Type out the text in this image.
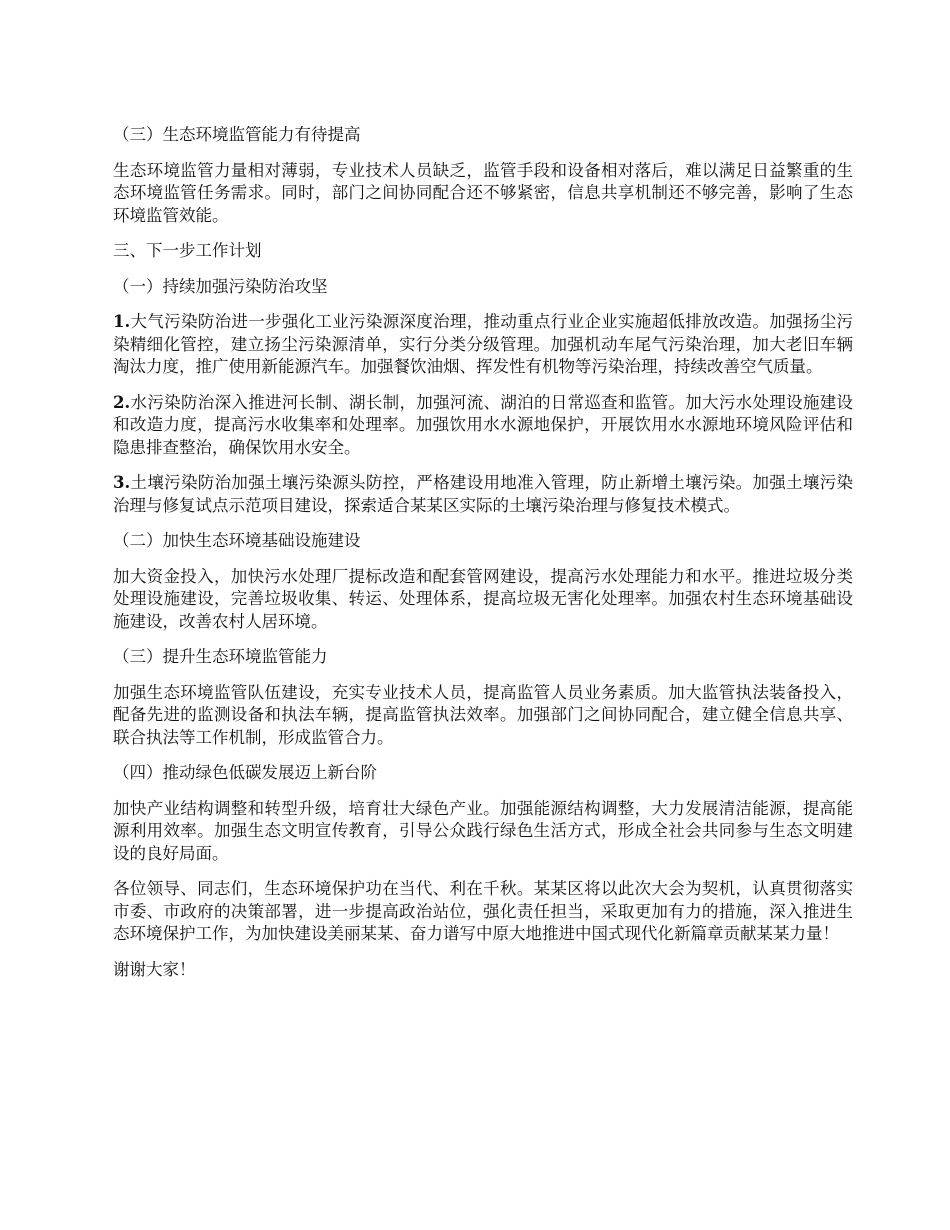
（三）生态环境监管能力有待提高

生态环境监管力量相对薄弱，专业技术人员缺乏，监管手段和设备相对落后，难以满足日益繁重的生态环境监管任务需求。同时，部门之间协同配合还不够紧密，信息共享机制还不够完善，影响了生态环境监管效能。

三、下一步工作计划

（一）持续加强污染防治攻坚

1.大气污染防治进一步强化工业污染源深度治理，推动重点行业企业实施超低排放改造。加强扬尘污染精细化管控，建立扬尘污染源清单，实行分类分级管理。加强机动车尾气污染治理，加大老旧车辆淘汰力度，推广使用新能源汽车。加强餐饮油烟、挥发性有机物等污染治理，持续改善空气质量。

2.水污染防治深入推进河长制、湖长制，加强河流、湖泊的日常巡查和监管。加大污水处理设施建设和改造力度，提高污水收集率和处理率。加强饮用水水源地保护，开展饮用水水源地环境风险评估和隐患排查整治，确保饮用水安全。

3.土壤污染防治加强土壤污染源头防控，严格建设用地准入管理，防止新增土壤污染。加强土壤污染治理与修复试点示范项目建设，探索适合某某区实际的土壤污染治理与修复技术模式。

（二）加快生态环境基础设施建设

加大资金投入，加快污水处理厂提标改造和配套管网建设，提高污水处理能力和水平。推进垃圾分类处理设施建设，完善垃圾收集、转运、处理体系，提高垃圾无害化处理率。加强农村生态环境基础设施建设，改善农村人居环境。

（三）提升生态环境监管能力

加强生态环境监管队伍建设，充实专业技术人员，提高监管人员业务素质。加大监管执法装备投入，配备先进的监测设备和执法车辆，提高监管执法效率。加强部门之间协同配合，建立健全信息共享、联合执法等工作机制，形成监管合力。

（四）推动绿色低碳发展迈上新台阶

加快产业结构调整和转型升级，培育壮大绿色产业。加强能源结构调整，大力发展清洁能源，提高能源利用效率。加强生态文明宣传教育，引导公众践行绿色生活方式，形成全社会共同参与生态文明建设的良好局面。

各位领导、同志们，生态环境保护功在当代、利在千秋。某某区将以此次大会为契机，认真贯彻落实市委、市政府的决策部署，进一步提高政治站位，强化责任担当，采取更加有力的措施，深入推进生态环境保护工作，为加快建设美丽某某、奋力谱写中原大地推进中国式现代化新篇章贡献某某力量！

谢谢大家！
